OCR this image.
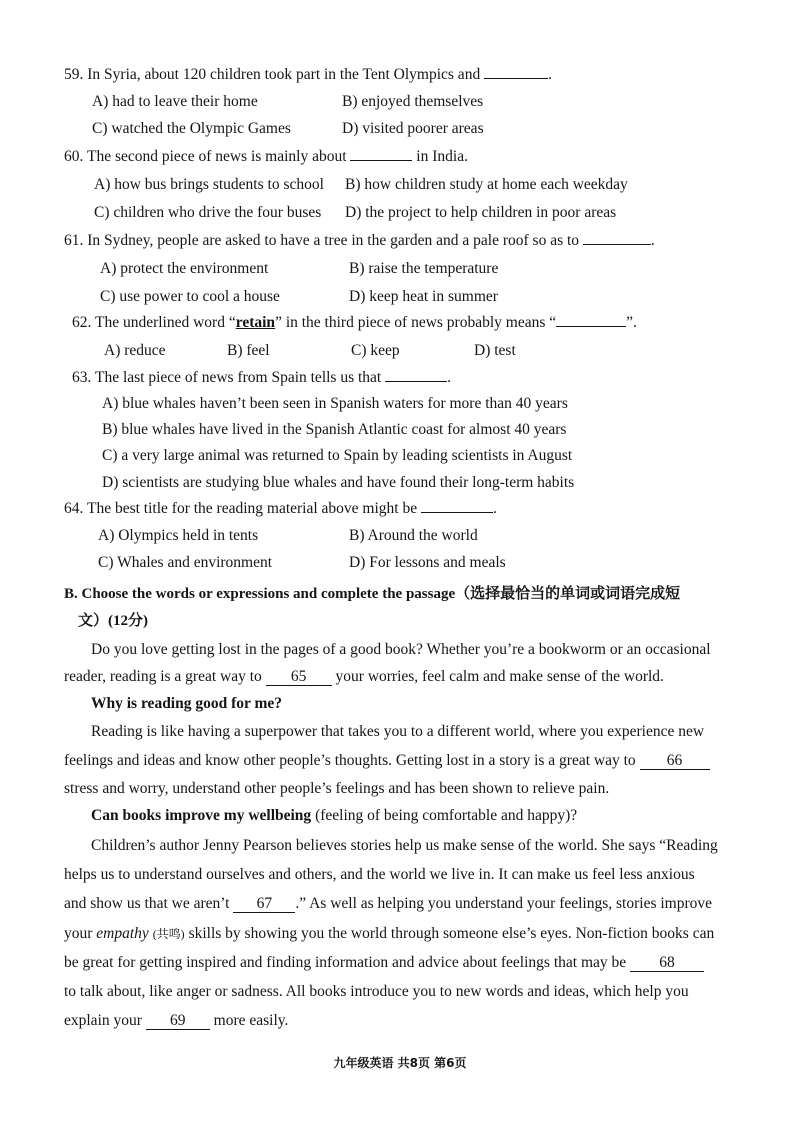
59. In Syria, about 120 children took part in the Tent Olympics and	.
A) had to leave their home	B) enjoyed themselves
C) watched the Olympic Games	D) visited poorer areas
60. The second piece of news is mainly about	in India.
A) how bus brings students to school B) how children study at home each weekday
C) children who drive the four buses D) the project to help children in poor areas
61. In Sydney, people are asked to have a tree in the garden and a pale roof so as to	.
A) protect the environment	B) raise the temperature
C) use power to cool a house	D) keep heat in summer
62. The underlined word “retain” in the third piece of news probably means “	”.
A) reduce	B) feel	C) keep	D) test
63. The last piece of news from Spain tells us that	.
A) blue whales haven’t been seen in Spanish waters for more than 40 years
B) blue whales have lived in the Spanish Atlantic coast for almost 40 years
C) a very large animal was returned to Spain by leading scientists in August
D) scientists are studying blue whales and have found their long-term habits
64. The best title for the reading material above might be	.
A) Olympics held in tents	B) Around the world
C) Whales and environment	D) For lessons and meals
B. Choose the words or expressions and complete the passage（选择最恰当的单词或词语完成短
文）(12分)
Do you love getting lost in the pages of a good book? Whether you’re a bookworm or an occasional
reader, reading is a great way to 65 your worries, feel calm and make sense of the world.
Why is reading good for me?
Reading is like having a superpower that takes you to a different world, where you experience new
feelings and ideas and know other people’s thoughts. Getting lost in a story is a great way to 66
stress and worry, understand other people’s feelings and has been shown to relieve pain.
Can books improve my wellbeing (feeling of being comfortable and happy)?
Children’s author Jenny Pearson believes stories help us make sense of the world. She says “Reading
helps us to understand ourselves and others, and the world we live in. It can make us feel less anxious
and show us that we aren’t 67 .” As well as helping you understand your feelings, stories improve
your empathy (共鸣) skills by showing you the world through someone else’s eyes. Non-fiction books can
be great for getting inspired and finding information and advice about feelings that may be 68
to talk about, like anger or sadness. All books introduce you to new words and ideas, which help you
explain your 69 more easily.
九年级英语 共8页 第6页
